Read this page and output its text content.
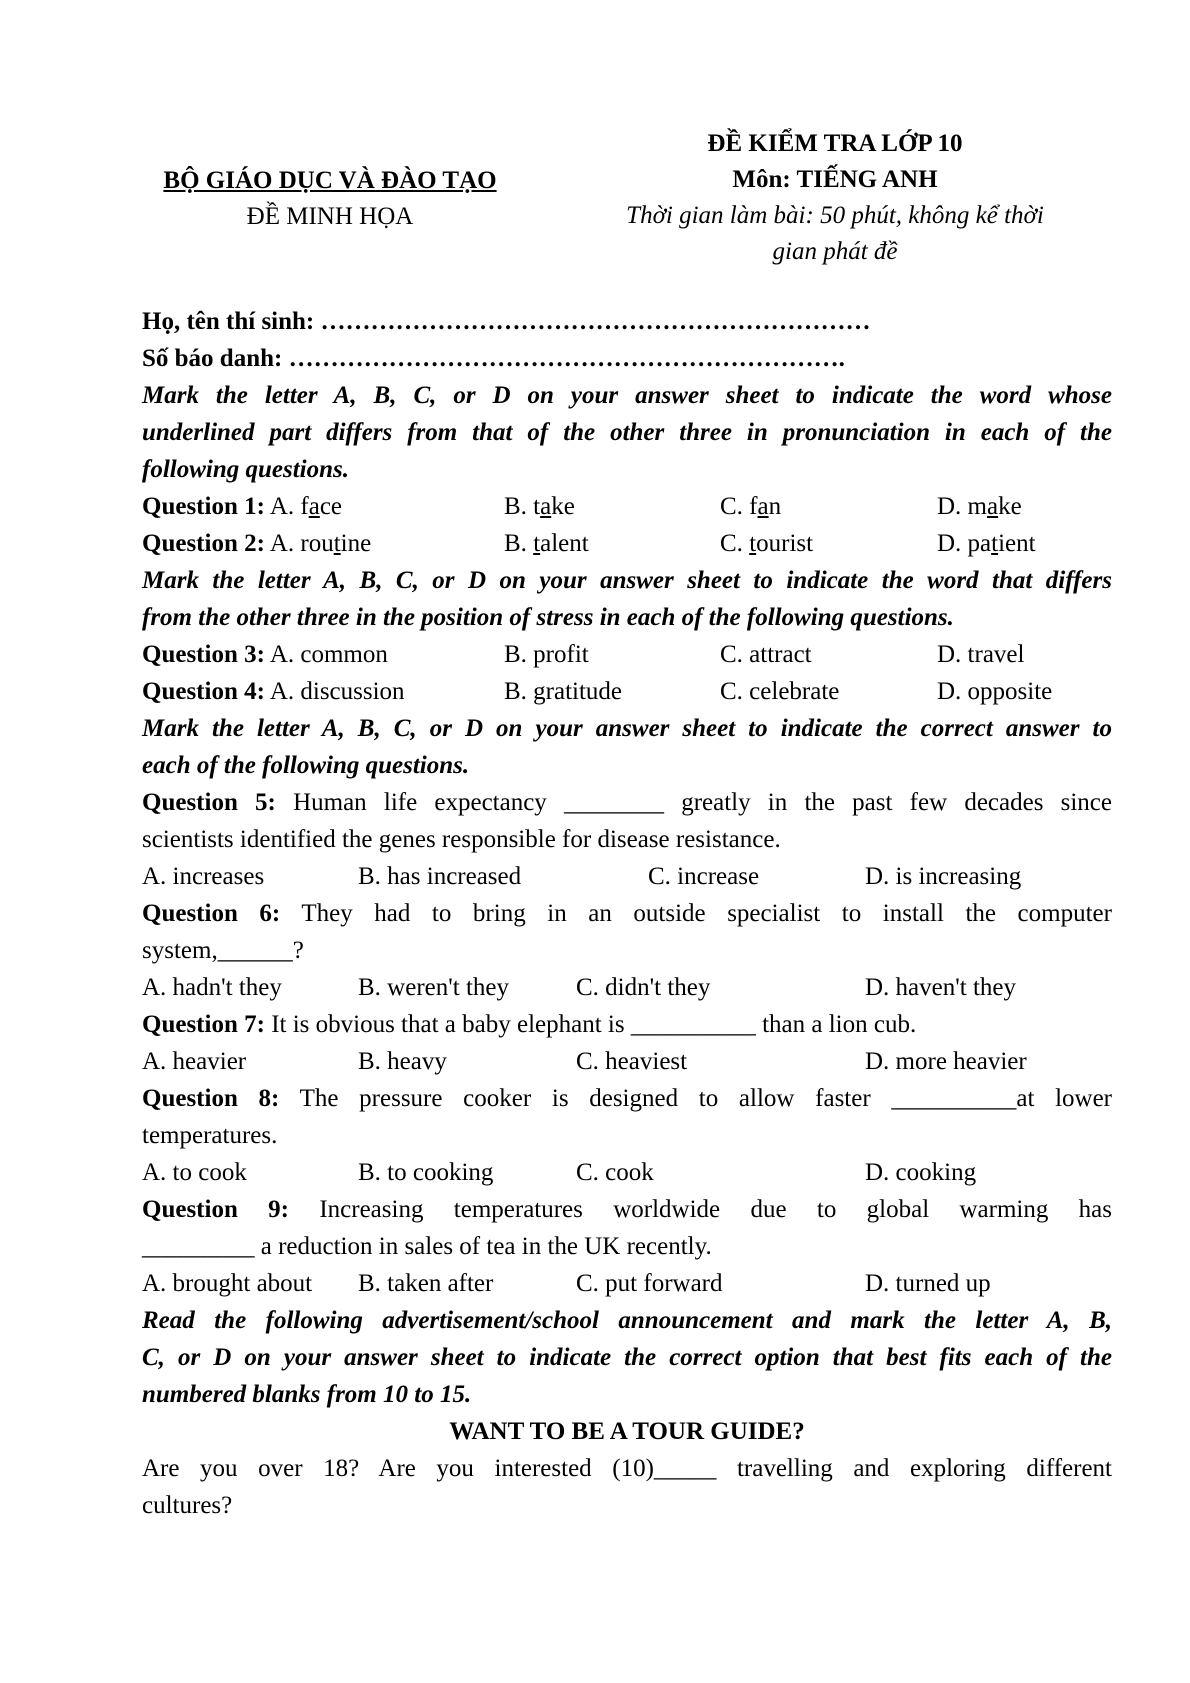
BỘ GIÁO DỤC VÀ ĐÀO TẠO
ĐỀ MINH HỌA
ĐỀ KIỂM TRA LỚP 10
Môn: TIẾNG ANH
Thời gian làm bài: 50 phút, không kể thời
gian phát đề
Họ, tên thí sinh: …………………………………………………………
Số báo danh: ………………………………………………………….
Mark the letter A, B, C, or D on your answer sheet to indicate the word whose
underlined part differs from that of the other three in pronunciation in each of the
following questions.
Question 1: A. face	B. take	C. fan	D. make
Question 2: A. routine	B. talent	C. tourist	D. patient
Mark the letter A, B, C, or D on your answer sheet to indicate the word that differs
from the other three in the position of stress in each of the following questions.
Question 3: A. common	B. profit	C. attract	D. travel
Question 4: A. discussion	B. gratitude	C. celebrate	D. opposite
Mark the letter A, B, C, or D on your answer sheet to indicate the correct answer to
each of the following questions.
Question 5: Human life expectancy ________ greatly in the past few decades since
scientists identified the genes responsible for disease resistance.
A. increases	B. has increased	C. increase	D. is increasing
Question 6: They had to bring in an outside specialist to install the computer
system,______?
A. hadn't they	B. weren't they	C. didn't they	D. haven't they
Question 7: It is obvious that a baby elephant is __________ than a lion cub.
A. heavier	B. heavy	C. heaviest	D. more heavier
Question 8: The pressure cooker is designed to allow faster __________at lower
temperatures.
A. to cook	B. to cooking	C. cook	D. cooking
Question 9: Increasing temperatures worldwide due to global warming has
_________ a reduction in sales of tea in the UK recently.
A. brought about B. taken after	C. put forward	D. turned up
Read the following advertisement/school announcement and mark the letter A, B,
C, or D on your answer sheet to indicate the correct option that best fits each of the
numbered blanks from 10 to 15.
WANT TO BE A TOUR GUIDE?
Are you over 18? Are you interested (10)_____ travelling and exploring different
cultures?
